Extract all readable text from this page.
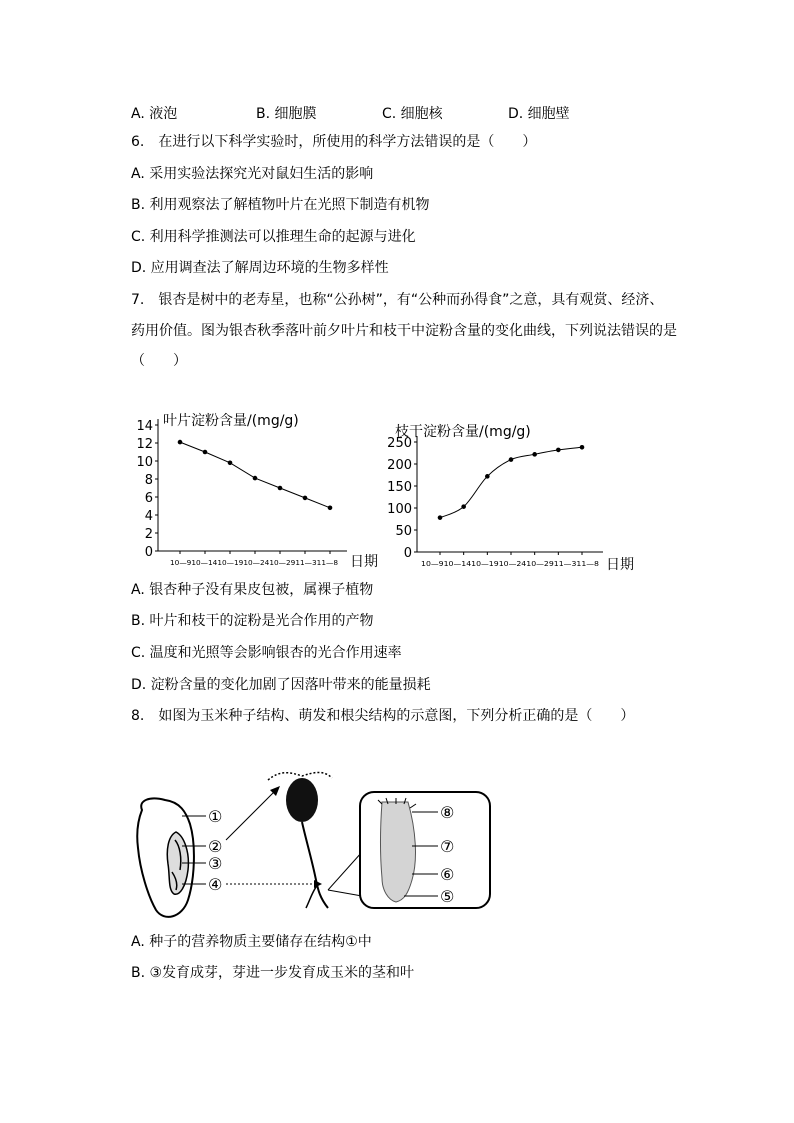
A. 液泡	B. 细胞膜	C. 细胞核	D. 细胞壁
6.　在进行以下科学实验时，所使用的科学方法错误的是（　　）
A. 采用实验法探究光对鼠妇生活的影响
B. 利用观察法了解植物叶片在光照下制造有机物
C. 利用科学推测法可以推理生命的起源与进化
D. 应用调查法了解周边环境的生物多样性
7.　银杏是树中的老寿星，也称“公孙树”，有“公种而孙得食”之意，具有观赏、经济、
药用价值。图为银杏秋季落叶前夕叶片和枝干中淀粉含量的变化曲线，下列说法错误的是
（　　）
0
2
4
6
8
10
12
14
10—910—1410—1910—2410—2911—311—8
叶片淀粉含量/(mg/g)
日期
0
50
100
150
200
250
10—910—1410—1910—2410—2911—311—8
枝干淀粉含量/(mg/g)
日期
A. 银杏种子没有果皮包被，属裸子植物
B. 叶片和枝干的淀粉是光合作用的产物
C. 温度和光照等会影响银杏的光合作用速率
D. 淀粉含量的变化加剧了因落叶带来的能量损耗
8.　如图为玉米种子结构、萌发和根尖结构的示意图，下列分析正确的是（　　）
①
②
③
④
⑧
⑦
⑥
⑤
A. 种子的营养物质主要储存在结构①中
B. ③发育成芽，芽进一步发育成玉米的茎和叶
